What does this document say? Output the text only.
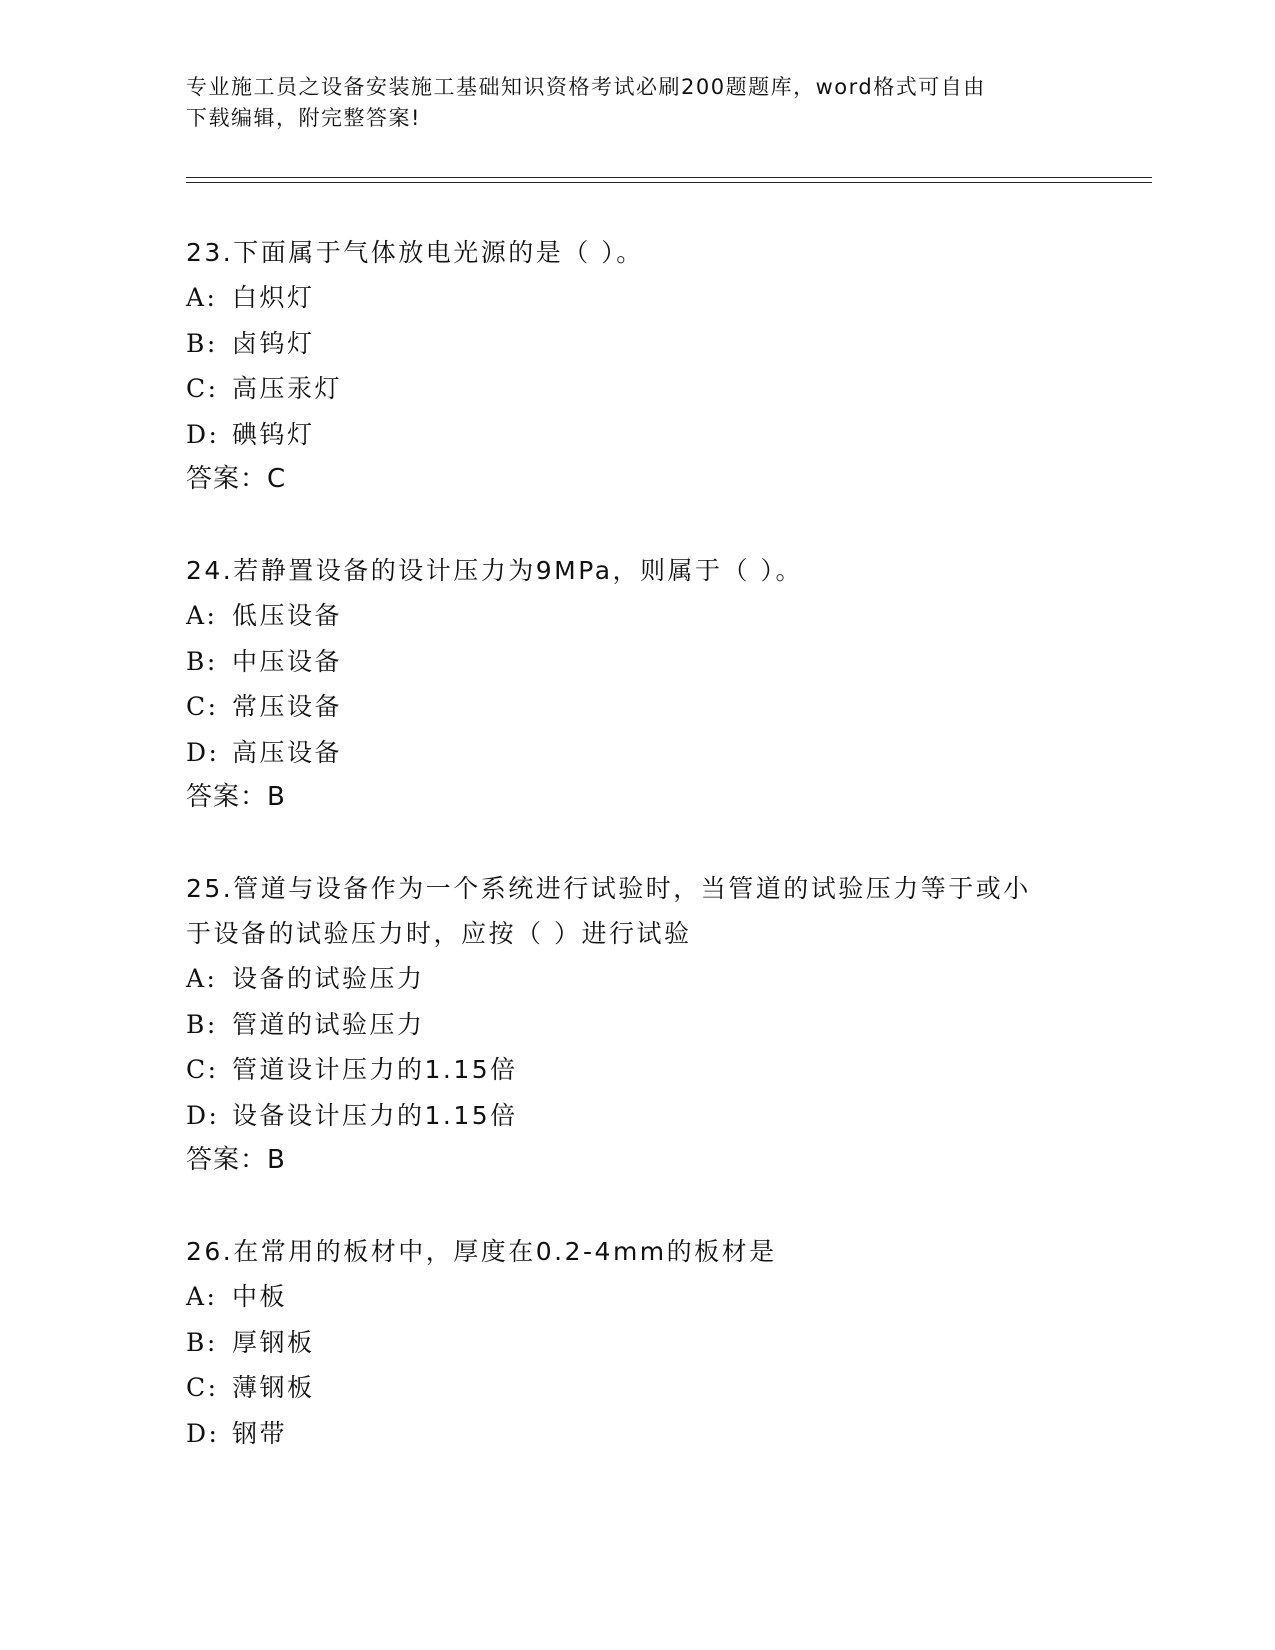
专业施工员之设备安装施工基础知识资格考试必刷200题题库，word格式可自由

下载编辑，附完整答案!

23.下面属于气体放电光源的是（ ）。

A: 白炽灯

B: 卤钨灯

C: 高压汞灯

D: 碘钨灯

答案：C

24.若静置设备的设计压力为9MPa，则属于（ ）。

A: 低压设备

B: 中压设备

C: 常压设备

D: 高压设备

答案：B

25.管道与设备作为一个系统进行试验时，当管道的试验压力等于或小

于设备的试验压力时，应按（ ）进行试验

A: 设备的试验压力

B: 管道的试验压力

C: 管道设计压力的1.15倍

D: 设备设计压力的1.15倍

答案：B

26.在常用的板材中，厚度在0.2-4mm的板材是

A: 中板

B: 厚钢板

C: 薄钢板

D: 钢带
